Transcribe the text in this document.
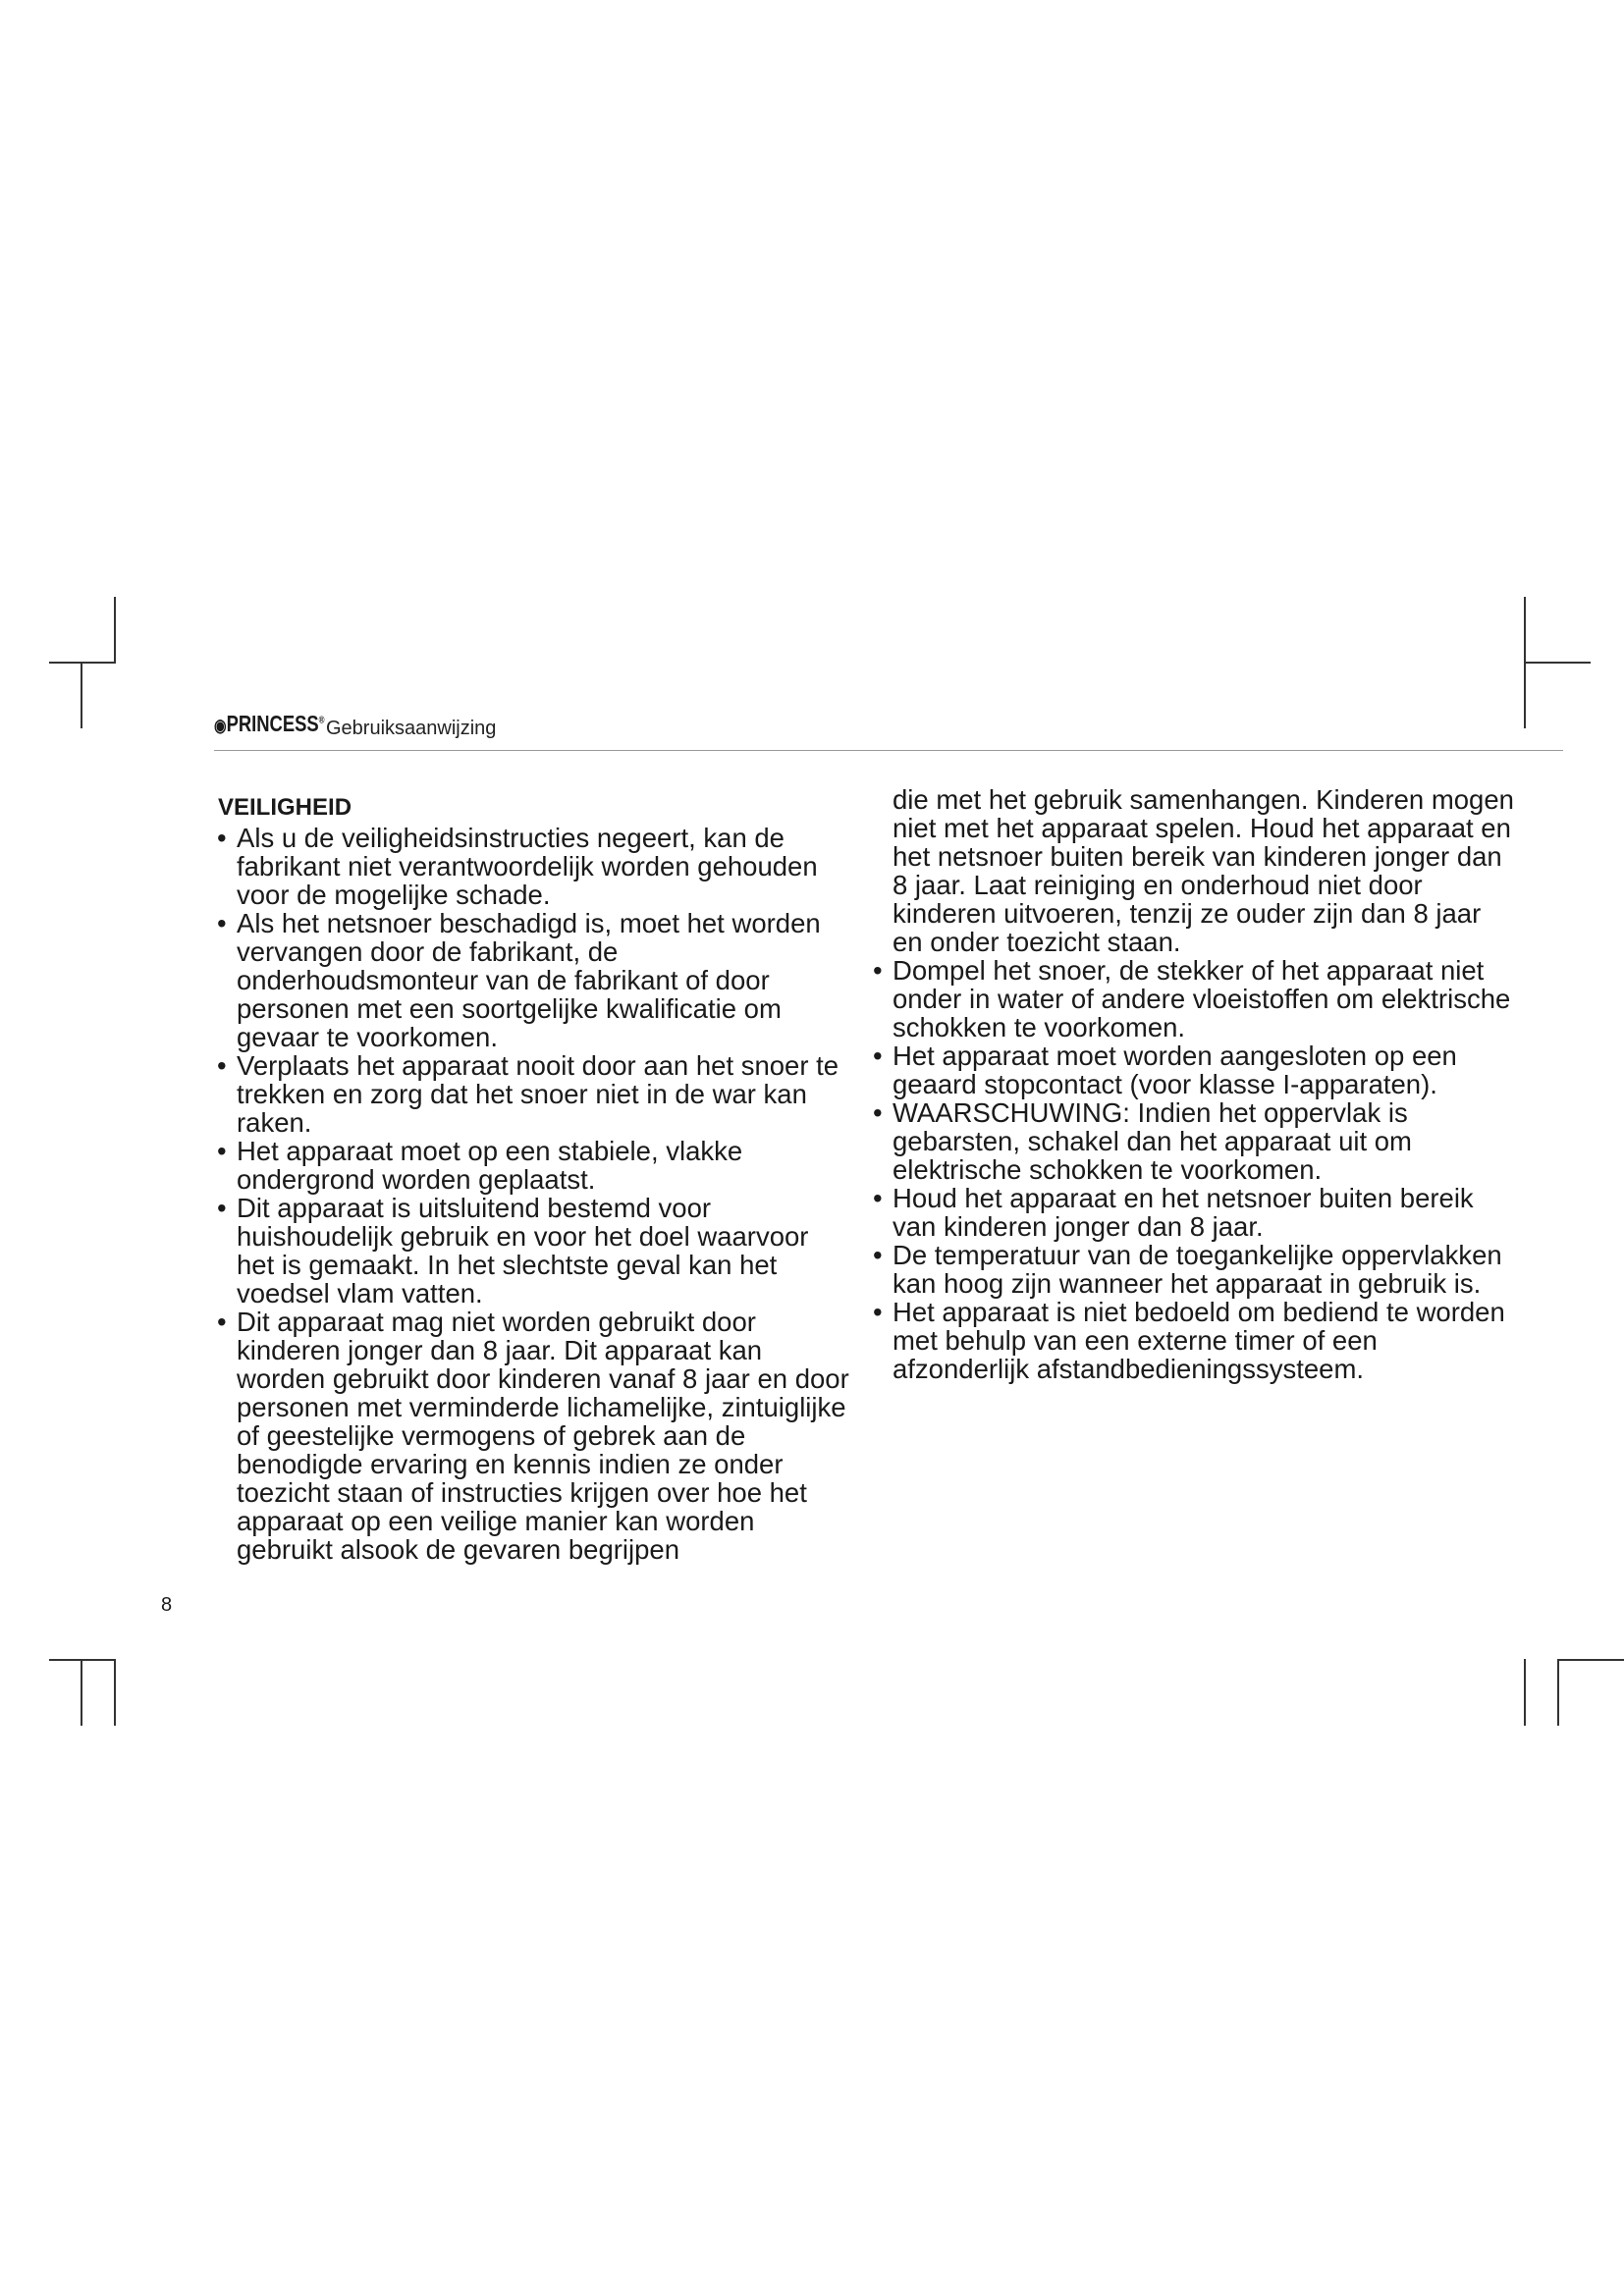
◉PRINCESS® Gebruiksaanwijzing
VEILIGHEID
• Als u de veiligheidsinstructies negeert, kan de fabrikant niet verantwoordelijk worden gehouden voor de mogelijke schade.
• Als het netsnoer beschadigd is, moet het worden vervangen door de fabrikant, de onderhoudsmonteur van de fabrikant of door personen met een soortgelijke kwalificatie om gevaar te voorkomen.
• Verplaats het apparaat nooit door aan het snoer te trekken en zorg dat het snoer niet in de war kan raken.
• Het apparaat moet op een stabiele, vlakke ondergrond worden geplaatst.
• Dit apparaat is uitsluitend bestemd voor huishoudelijk gebruik en voor het doel waarvoor het is gemaakt. In het slechtste geval kan het voedsel vlam vatten.
• Dit apparaat mag niet worden gebruikt door kinderen jonger dan 8 jaar. Dit apparaat kan worden gebruikt door kinderen vanaf 8 jaar en door personen met verminderde lichamelijke, zintuiglijke of geestelijke vermogens of gebrek aan de benodigde ervaring en kennis indien ze onder toezicht staan of instructies krijgen over hoe het apparaat op een veilige manier kan worden gebruikt alsook de gevaren begrijpen
die met het gebruik samenhangen. Kinderen mogen niet met het apparaat spelen. Houd het apparaat en het netsnoer buiten bereik van kinderen jonger dan 8 jaar. Laat reiniging en onderhoud niet door kinderen uitvoeren, tenzij ze ouder zijn dan 8 jaar en onder toezicht staan.
• Dompel het snoer, de stekker of het apparaat niet onder in water of andere vloeistoffen om elektrische schokken te voorkomen.
• Het apparaat moet worden aangesloten op een geaard stopcontact (voor klasse I-apparaten).
• WAARSCHUWING: Indien het oppervlak is gebarsten, schakel dan het apparaat uit om elektrische schokken te voorkomen.
• Houd het apparaat en het netsnoer buiten bereik van kinderen jonger dan 8 jaar.
• De temperatuur van de toegankelijke oppervlakken kan hoog zijn wanneer het apparaat in gebruik is.
• Het apparaat is niet bedoeld om bediend te worden met behulp van een externe timer of een afzonderlijk afstandbedieningssysteem.
8
